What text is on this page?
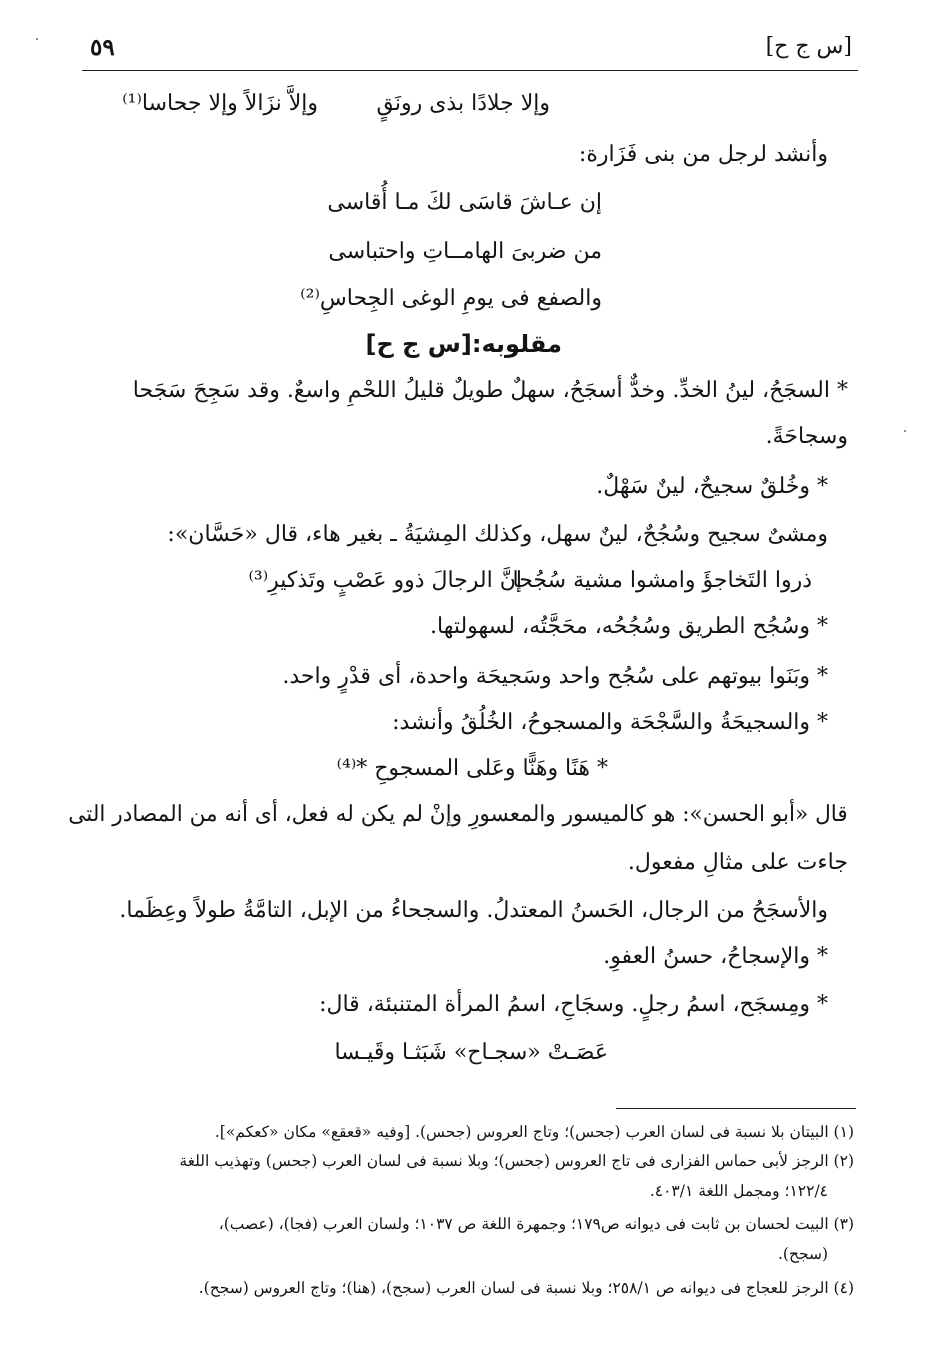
٥٩	[س ج ح]
وإلا جلادًا بذى رونَقٍ
وإلاَّ نزَالاً وإلا جحاسا⁽¹⁾
وأنشد لرجل من بنى فَزَارة:
إن عـاشَ قاسَى لكَ مـا أُقاسى
من ضربىَ الهامــاتِ واحتباسى
والصفع فى يومِ الوغى الجِحاسِ⁽²⁾
مقلوبه:[س ج ح]
* السجَحُ، لينُ الخدِّ. وخدٌّ أسجَحُ، سهلٌ طويلٌ قليلُ اللحْمِ واسعٌ. وقد سَجِحَ سَجَحا
وسجاحَةً.
* وخُلقٌ سجيحٌ، لينٌ سَهْلٌ.
ومشىٌ سجيح وسُجُحٌ، لينٌ سهل، وكذلك المِشيَةُ ـ بغير هاء، قال «حَسَّان»:
ذروا التَخاجؤَ وامشوا مشية سُجُحا
إنَّ الرجالَ ذوو عَصْبٍ وتَذكيرِ⁽³⁾
* وسُجُح الطريق وسُجُحُه، محَجَّتُه، لسهولتها.
* وبَنَوا بيوتهم على سُجُح واحد وسَجيحَة واحدة، أى قدْرٍ واحد.
* والسجيحَةُ والسَّجْحَة والمسجوحُ، الخُلُقُ وأنشد:
* هَنًا وهَنًّا وعَلى المسجوحِ *⁽⁴⁾
قال «أبو الحسن»: هو كالميسور والمعسورِ وإنْ لم يكن له فعل، أى أنه من المصادر التى
جاءت على مثالِ مفعول.
والأسجَحُ من الرجال، الحَسنُ المعتدلُ. والسجحاءُ من الإبل، التامَّةُ طولاً وعِظَما.
* والإسجاحُ، حسنُ العفوِ.
* ومِسجَح، اسمُ رجلٍ. وسجَاحِ، اسمُ المرأة المتنبئة، قال:
عَصَـتْ «سجـاح» شَبَثـا وقَيـسا
(١) البيتان بلا نسبة فى لسان العرب (جحس)؛ وتاج العروس (جحس). [وفيه «قعقع» مكان «كعكم»].
(٢) الرجز لأبى حماس الفزارى فى تاج العروس (جحس)؛ وبلا نسبة فى لسان العرب (جحس) وتهذيب اللغة
١٢٢/٤؛ ومجمل اللغة ٤٠٣/١.
(٣) البيت لحسان بن ثابت فى ديوانه ص١٧٩؛ وجمهرة اللغة ص ١٠٣٧؛ ولسان العرب (فجا)، (عصب)،
(سجح).
(٤) الرجز للعجاج فى ديوانه ص ٢٥٨/١؛ وبلا نسبة فى لسان العرب (سجح)، (هنا)؛ وتاج العروس (سجح).
